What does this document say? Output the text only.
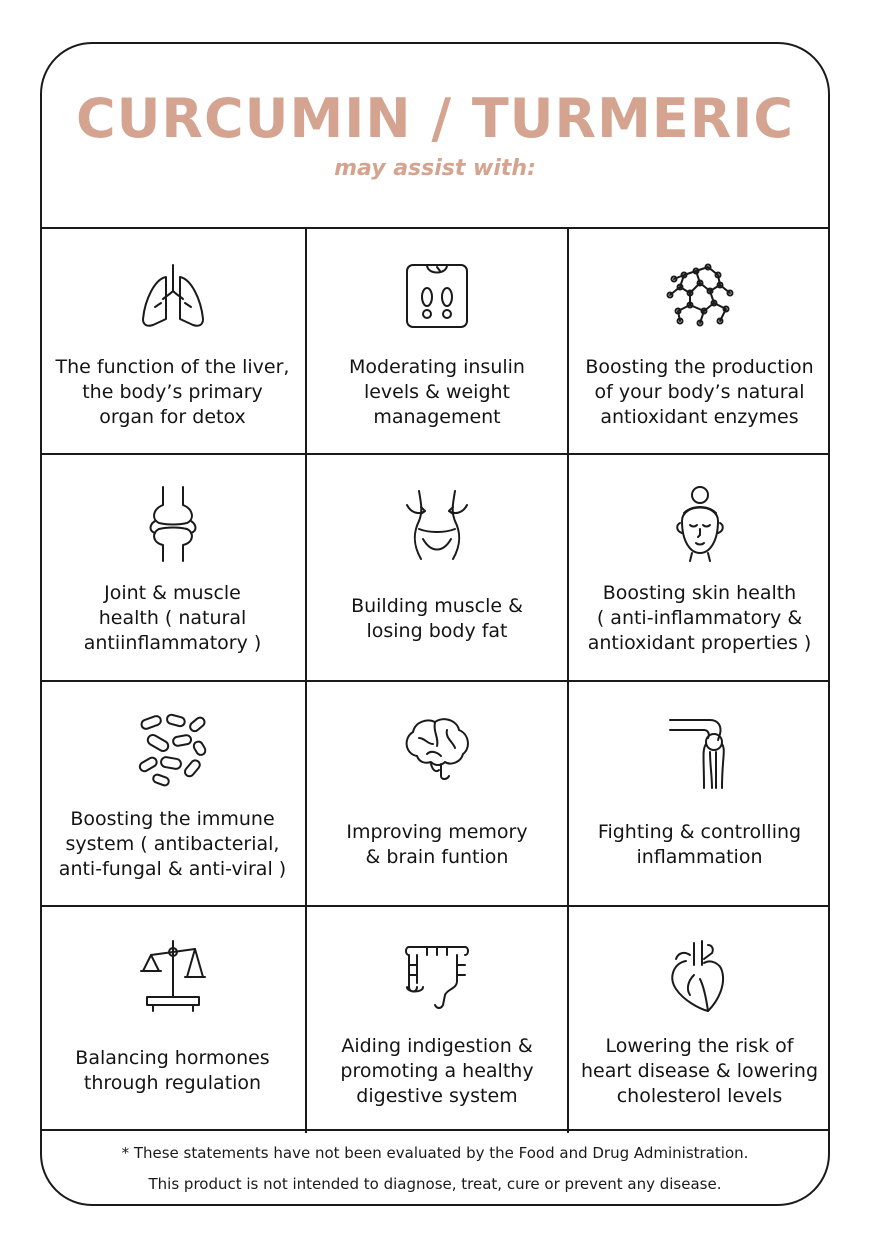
CURCUMIN / TURMERIC
may assist with:
The function of the liver,
the body’s primary
organ for detox
Moderating insulin
levels & weight
management
Boosting the production
of your body’s natural
antioxidant enzymes
Joint & muscle
health ( natural
antiinflammatory )
Building muscle &
losing body fat
Boosting skin health
( anti-inflammatory &
antioxidant properties )
Boosting the immune
system ( antibacterial,
anti-fungal & anti-viral )
Improving memory
& brain funtion
Fighting & controlling
inflammation
Balancing hormones
through regulation
Aiding indigestion &
promoting a healthy
digestive system
Lowering the risk of
heart disease & lowering
cholesterol levels
* These statements have not been evaluated by the Food and Drug Administration.
This product is not intended to diagnose, treat, cure or prevent any disease.
